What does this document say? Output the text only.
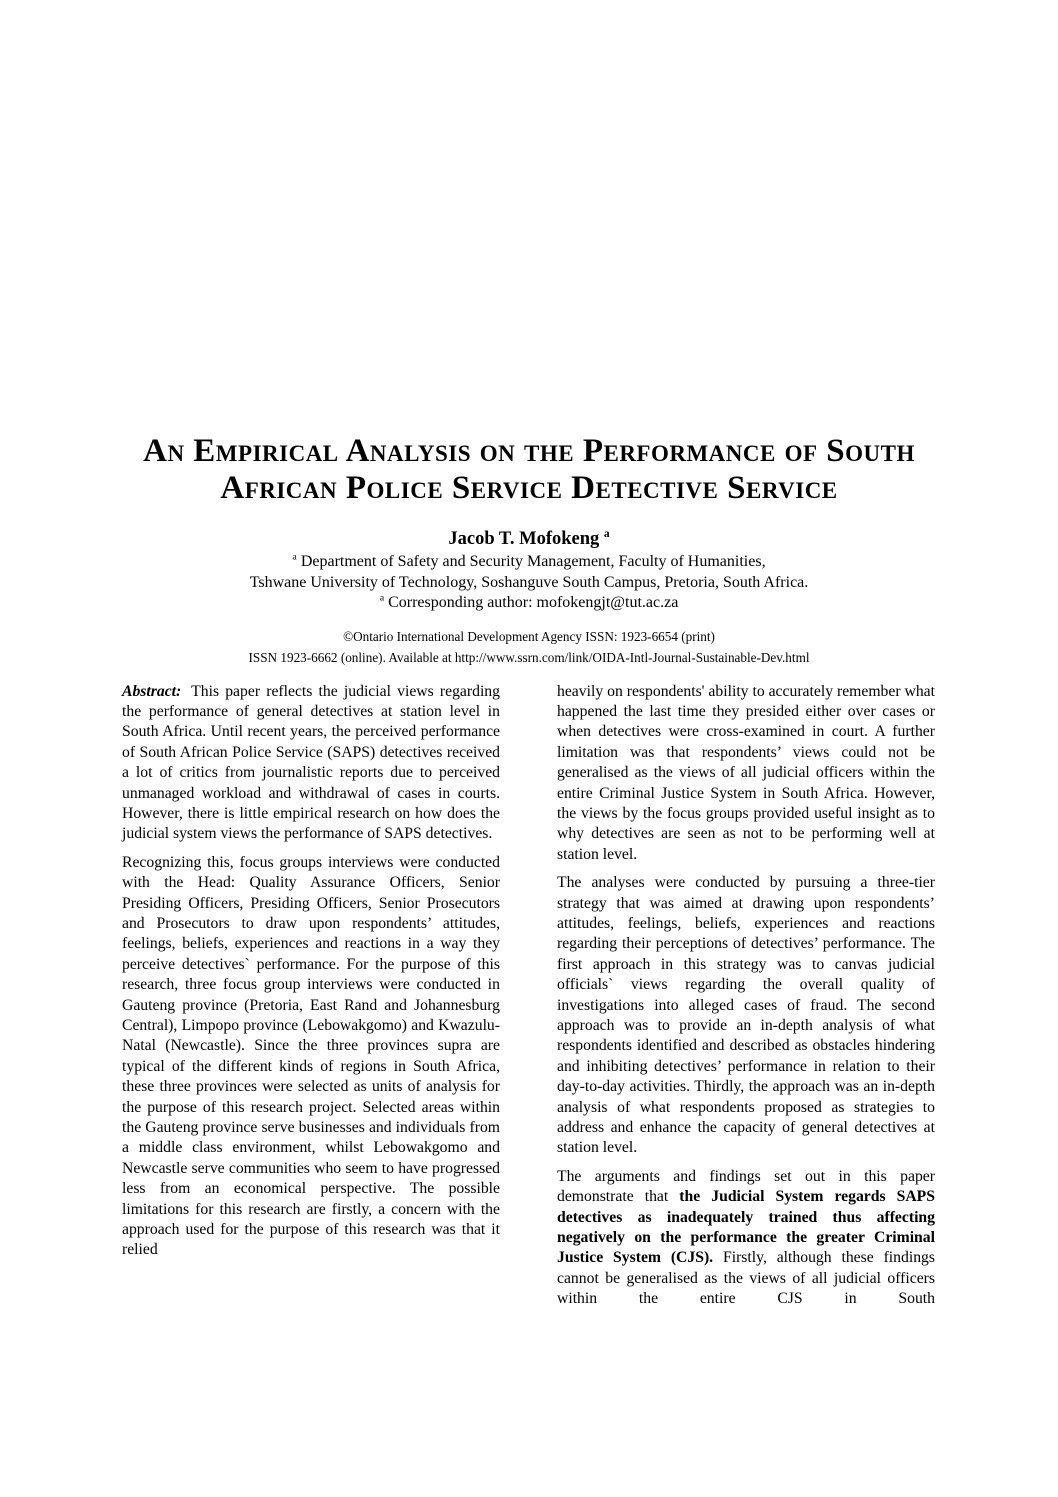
An Empirical Analysis on the Performance of South
African Police Service Detective Service
Jacob T. Mofokeng $^a$
$^a$ Department of Safety and Security Management, Faculty of Humanities,
Tshwane University of Technology, Soshanguve South Campus, Pretoria, South Africa.
$^a$ Corresponding author: mofokengjt@tut.ac.za
©Ontario International Development Agency ISSN: 1923-6654 (print)
ISSN 1923-6662 (online). Available at http://www.ssrn.com/link/OIDA-Intl-Journal-Sustainable-Dev.html

Abstract: This paper reflects the judicial views regarding the performance of general detectives at station level in South Africa. Until recent years, the perceived performance of South African Police Service (SAPS) detectives received a lot of critics from journalistic reports due to perceived unmanaged workload and withdrawal of cases in courts. However, there is little empirical research on how does the judicial system views the performance of SAPS detectives.

Recognizing this, focus groups interviews were conducted with the Head: Quality Assurance Officers, Senior Presiding Officers, Presiding Officers, Senior Prosecutors and Prosecutors to draw upon respondents’ attitudes, feelings, beliefs, experiences and reactions in a way they perceive detectives` performance. For the purpose of this research, three focus group interviews were conducted in Gauteng province (Pretoria, East Rand and Johannesburg Central), Limpopo province (Lebowakgomo) and Kwazulu-Natal (Newcastle). Since the three provinces supra are typical of the different kinds of regions in South Africa, these three provinces were selected as units of analysis for the purpose of this research project. Selected areas within the Gauteng province serve businesses and individuals from a middle class environment, whilst Lebowakgomo and Newcastle serve communities who seem to have progressed less from an economical perspective. The possible limitations for this research are firstly, a concern with the approach used for the purpose of this research was that it relied

heavily on respondents' ability to accurately remember what happened the last time they presided either over cases or when detectives were cross-examined in court. A further limitation was that respondents’ views could not be generalised as the views of all judicial officers within the entire Criminal Justice System in South Africa. However, the views by the focus groups provided useful insight as to why detectives are seen as not to be performing well at station level.

The analyses were conducted by pursuing a three-tier strategy that was aimed at drawing upon respondents’ attitudes, feelings, beliefs, experiences and reactions regarding their perceptions of detectives’ performance. The first approach in this strategy was to canvas judicial officials` views regarding the overall quality of investigations into alleged cases of fraud. The second approach was to provide an in-depth analysis of what respondents identified and described as obstacles hindering and inhibiting detectives’ performance in relation to their day-to-day activities. Thirdly, the approach was an in-depth analysis of what respondents proposed as strategies to address and enhance the capacity of general detectives at station level.

The arguments and findings set out in this paper demonstrate that the Judicial System regards SAPS detectives as inadequately trained thus affecting negatively on the performance the greater Criminal Justice System (CJS). Firstly, although these findings cannot be generalised as the views of all judicial officers within the entire CJS in South
